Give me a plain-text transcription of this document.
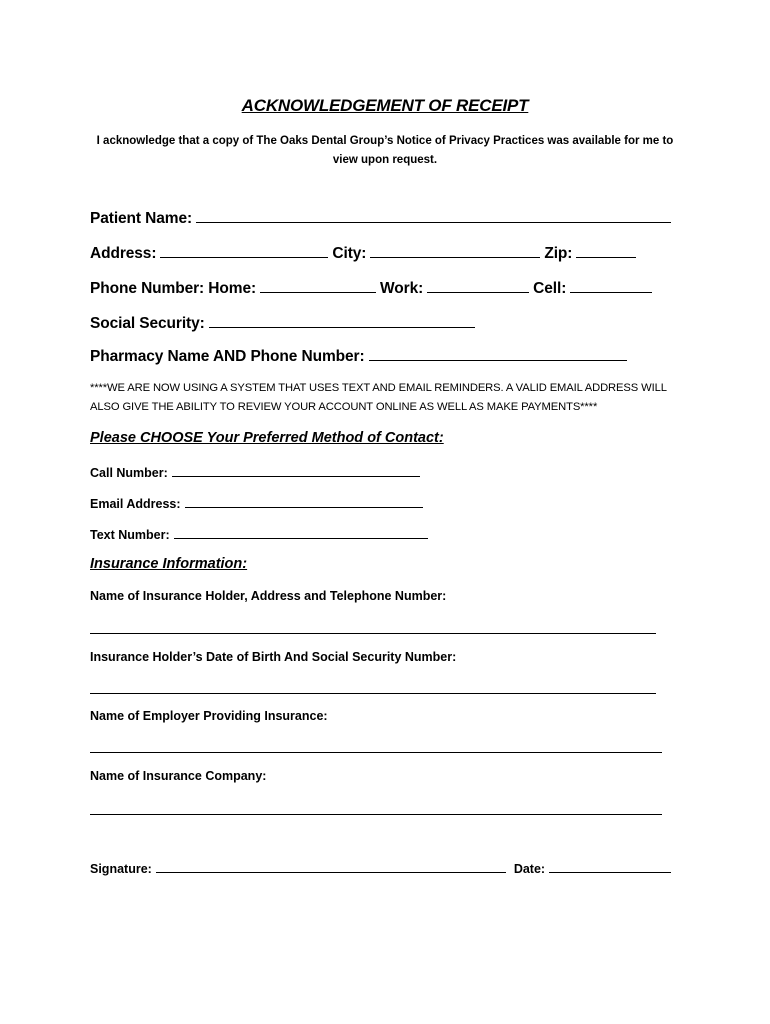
ACKNOWLEDGEMENT OF RECEIPT
I acknowledge that a copy of The Oaks Dental Group’s Notice of Privacy Practices was available for me to view upon request.
Patient Name:
Address:	City:	Zip:
Phone Number: Home:	Work:	Cell:
Social Security:
Pharmacy Name AND Phone Number:
****WE ARE NOW USING A SYSTEM THAT USES TEXT AND EMAIL REMINDERS. A VALID EMAIL ADDRESS WILL ALSO GIVE THE ABILITY TO REVIEW YOUR ACCOUNT ONLINE AS WELL AS MAKE PAYMENTS****
Please CHOOSE Your Preferred Method of Contact:
Call Number:
Email Address:
Text Number:
Insurance Information:
Name of Insurance Holder, Address and Telephone Number:
Insurance Holder’s Date of Birth And Social Security Number:
Name of Employer Providing Insurance:
Name of Insurance Company:
Signature:	Date:
